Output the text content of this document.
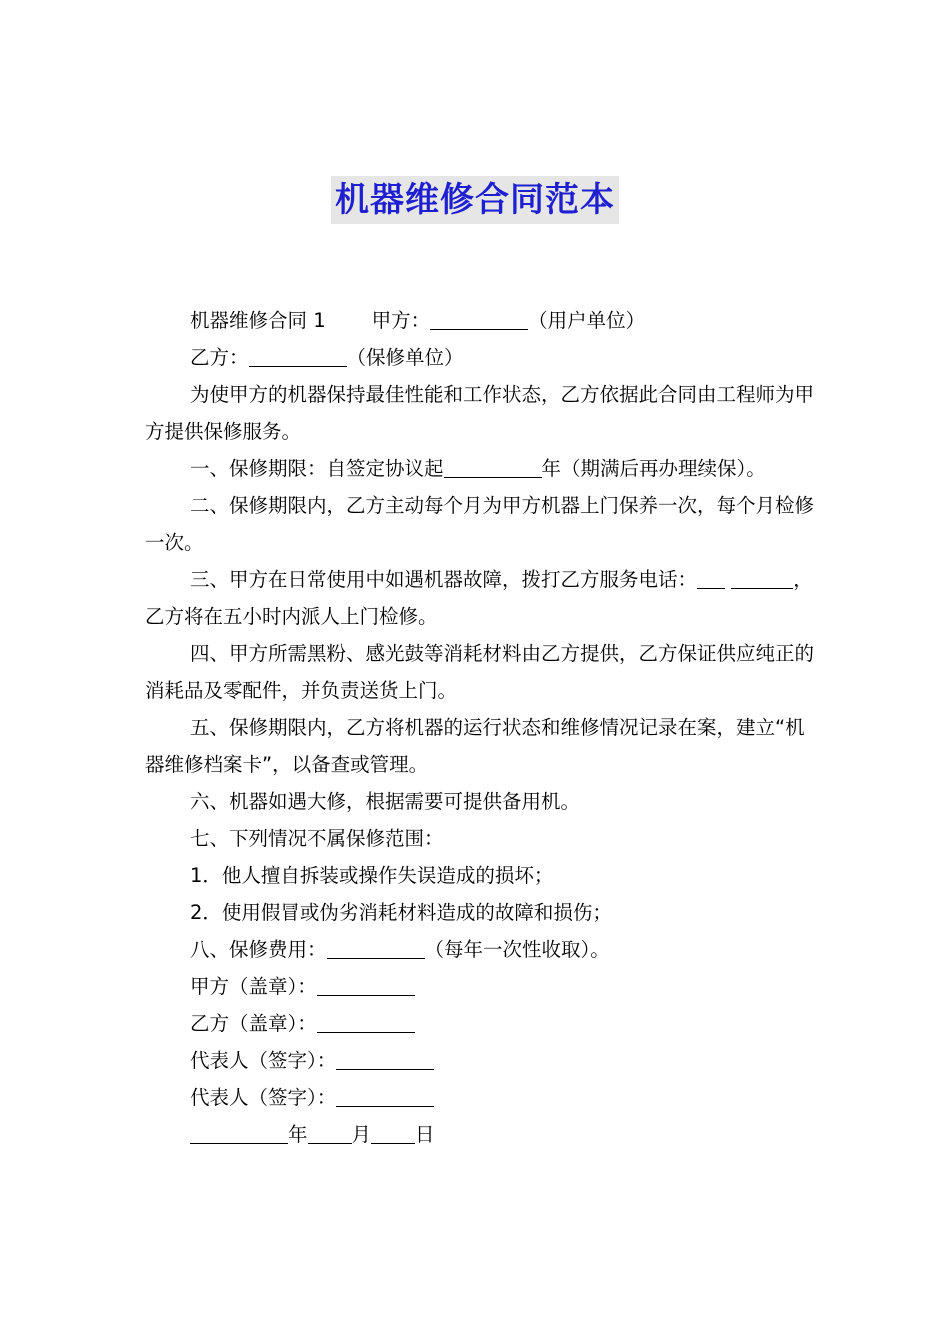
机器维修合同范本

机器维修合同 1 甲方：	（用户单位）

乙方：	（保修单位）

为使甲方的机器保持最佳性能和工作状态，乙方依据此合同由工程师为甲方提供保修服务。

一、保修期限：自签定协议起	年（期满后再办理续保）。

二、保修期限内，乙方主动每个月为甲方机器上门保养一次，每个月检修一次。

三、甲方在日常使用中如遇机器故障，拨打乙方服务电话：	，乙方将在五小时内派人上门检修。

四、甲方所需黑粉、感光鼓等消耗材料由乙方提供，乙方保证供应纯正的消耗品及零配件，并负责送货上门。

五、保修期限内，乙方将机器的运行状态和维修情况记录在案，建立“机器维修档案卡”，以备查或管理。

六、机器如遇大修，根据需要可提供备用机。

七、下列情况不属保修范围：

1．他人擅自拆装或操作失误造成的损坏；

2．使用假冒或伪劣消耗材料造成的故障和损伤；

八、保修费用：	（每年一次性收取）。

甲方（盖章）：

乙方（盖章）：

代表人（签字）：

代表人（签字）：

年 月 日
